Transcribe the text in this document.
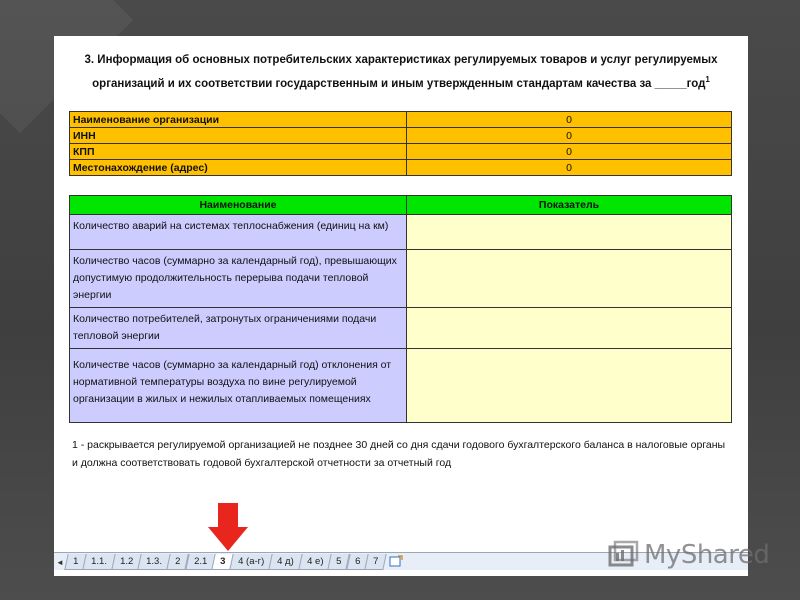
3. Информация об основных потребительских характеристиках регулируемых товаров и услуг регулируемых
организаций и их соответствии государственным и иным утвержденным стандартам качества за _____год$^1$
Наименование организации	0
ИНН	0
КПП	0
Местонахождение (адрес)	0
Наименование	Показатель
Количество аварий на системах теплоснабжения (единиц на км)	
Количество часов (суммарно за календарный год), превышающих допустимую продолжительность перерыва подачи тепловой энергии	
Количество потребителей, затронутых ограничениями подачи тепловой энергии	
Количестве часов (суммарно за календарный год) отклонения от нормативной температуры воздуха по вине регулируемой организации в жилых и нежилых отапливаемых помещениях	
1 - раскрывается регулируемой организацией не позднее 30 дней со дня сдачи годового бухгалтерского баланса в налоговые органы и должна соответствовать годовой бухгалтерской отчетности за отчетный год
◄ 1	1.1.	1.2	1.3.	2	2.1	3	4 (а-г)	4 д)	4 е)	5	6	7	MyShared
